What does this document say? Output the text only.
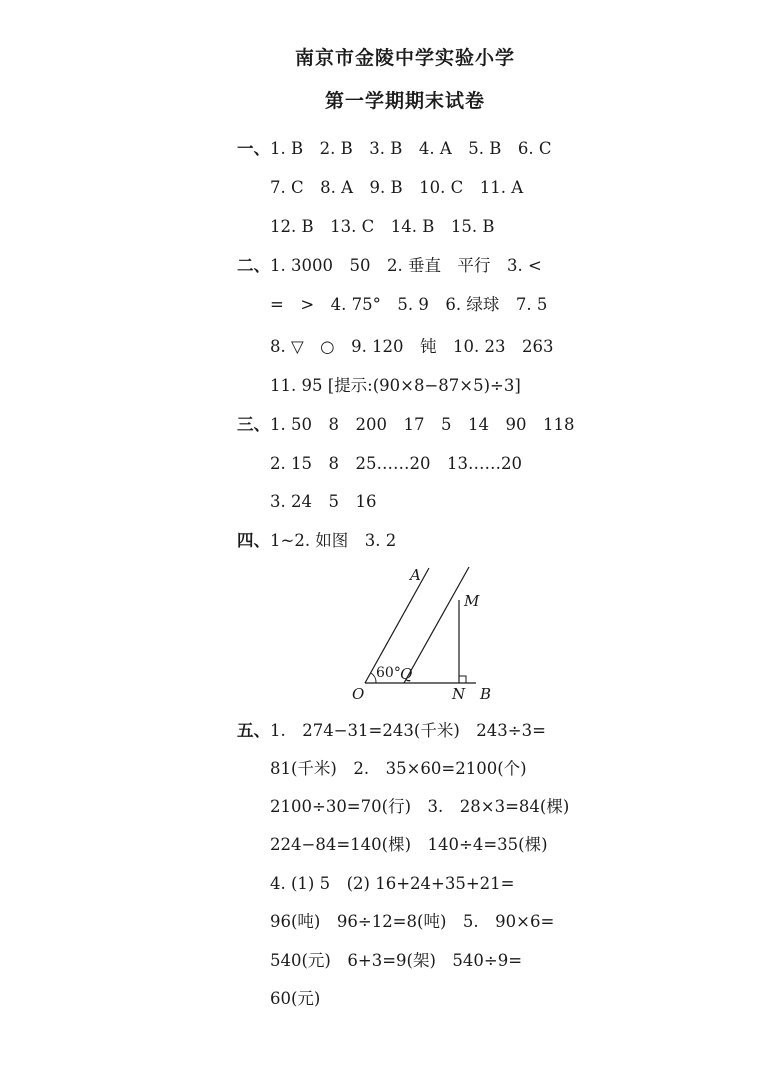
南京市金陵中学实验小学
第一学期期末试卷
一、1. B　2. B　3. B　4. A　5. B　6. C
7. C　8. A　9. B　10. C　11. A
12. B　13. C　14. B　15. B
二、1. 3000　50　2. 垂直　平行　3. <
=　>　4. 75°　5. 9　6. 绿球　7. 5
8. ▽　○　9. 120　钝　10. 23　263
11. 95 [提示:(90×8−87×5)÷3]
三、1. 50　8　200　17　5　14　90　118
2. 15　8　25……20　13……20
3. 24　5　16
四、1~2. 如图　3. 2
A
M
60° Q
O	N B
五、1.　274−31=243(千米)　243÷3=
81(千米)　2.　35×60=2100(个)
2100÷30=70(行)　3.　28×3=84(棵)
224−84=140(棵)　140÷4=35(棵)
4. (1) 5　(2) 16+24+35+21=
96(吨)　96÷12=8(吨)　5.　90×6=
540(元)　6+3=9(架)　540÷9=
60(元)
